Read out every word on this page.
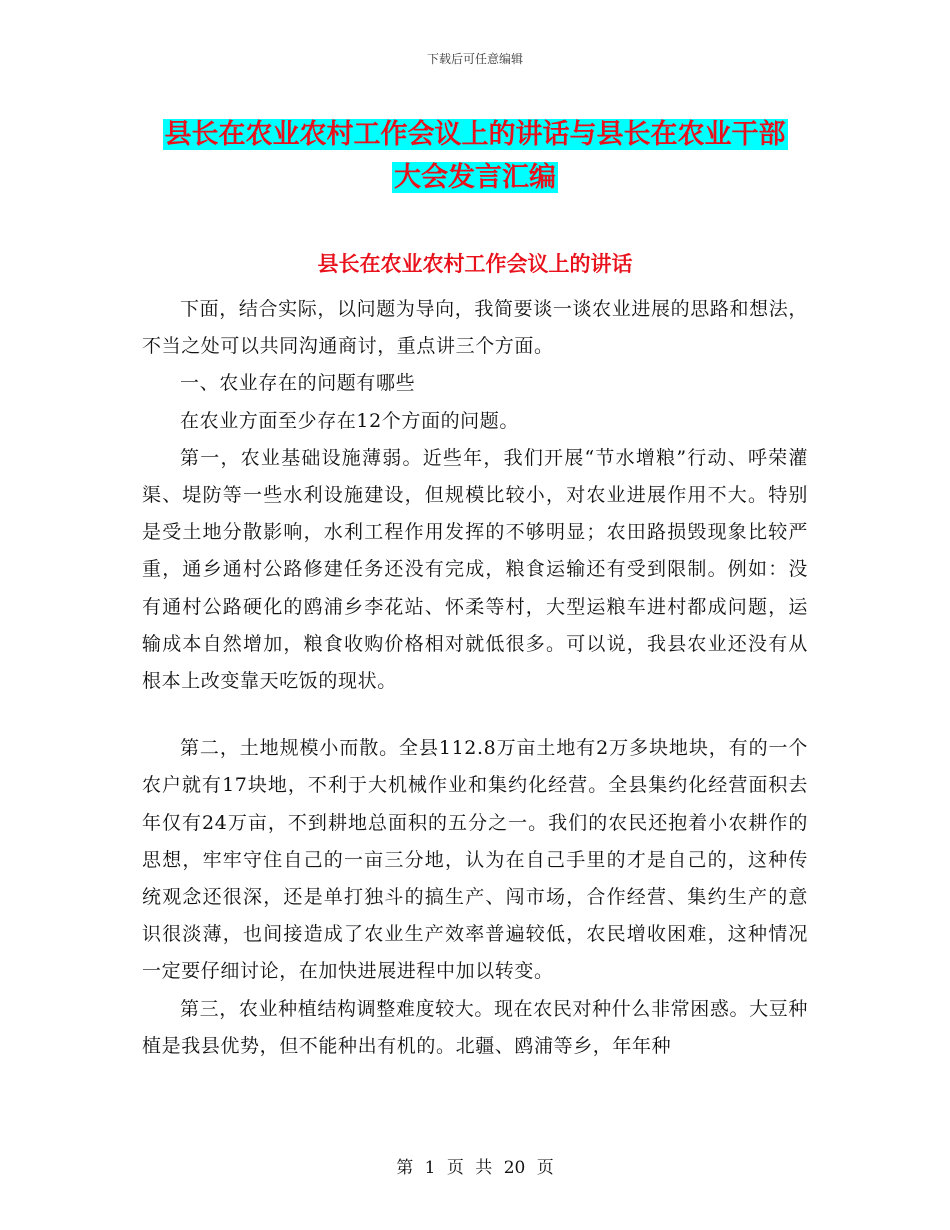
下载后可任意编辑
县长在农业农村工作会议上的讲话与县长在农业干部
大会发言汇编
县长在农业农村工作会议上的讲话

下面，结合实际，以问题为导向，我简要谈一谈农业进展的思路和想法，不当之处可以共同沟通商讨，重点讲三个方面。

一、农业存在的问题有哪些

在农业方面至少存在12个方面的问题。

第一，农业基础设施薄弱。近些年，我们开展“节水增粮”行动、呼荣灌渠、堤防等一些水利设施建设，但规模比较小，对农业进展作用不大。特别是受土地分散影响，水利工程作用发挥的不够明显；农田路损毁现象比较严重，通乡通村公路修建任务还没有完成，粮食运输还有受到限制。例如：没有通村公路硬化的鸥浦乡李花站、怀柔等村，大型运粮车进村都成问题，运输成本自然增加，粮食收购价格相对就低很多。可以说，我县农业还没有从根本上改变靠天吃饭的现状。

第二，土地规模小而散。全县112.8万亩土地有2万多块地块，有的一个农户就有17块地，不利于大机械作业和集约化经营。全县集约化经营面积去年仅有24万亩，不到耕地总面积的五分之一。我们的农民还抱着小农耕作的思想，牢牢守住自己的一亩三分地，认为在自己手里的才是自己的，这种传统观念还很深，还是单打独斗的搞生产、闯市场，合作经营、集约生产的意识很淡薄，也间接造成了农业生产效率普遍较低，农民增收困难，这种情况一定要仔细讨论，在加快进展进程中加以转变。

第三，农业种植结构调整难度较大。现在农民对种什么非常困惑。大豆种植是我县优势，但不能种出有机的。北疆、鸥浦等乡，年年种

第 1 页 共 20 页
